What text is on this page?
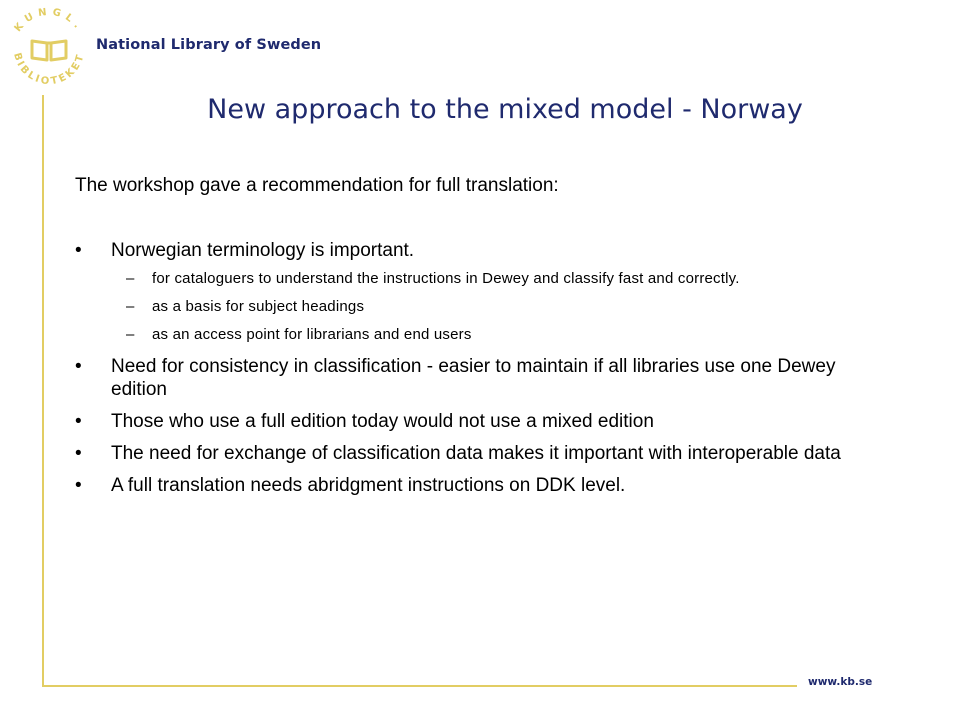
KUNGL.
BIBLIOTEKET
National Library of Sweden
New approach to the mixed model - Norway
The workshop gave a recommendation for full translation:
• Norwegian terminology is important.
– for cataloguers to understand the instructions in Dewey and classify fast and correctly.
– as a basis for subject headings
– as an access point for librarians and end users
• Need for consistency in classification - easier to maintain if all libraries use one Dewey edition
• Those who use a full edition today would not use a mixed edition
• The need for exchange of classification data makes it important with interoperable data
• A full translation needs abridgment instructions on DDK level.
www.kb.se
